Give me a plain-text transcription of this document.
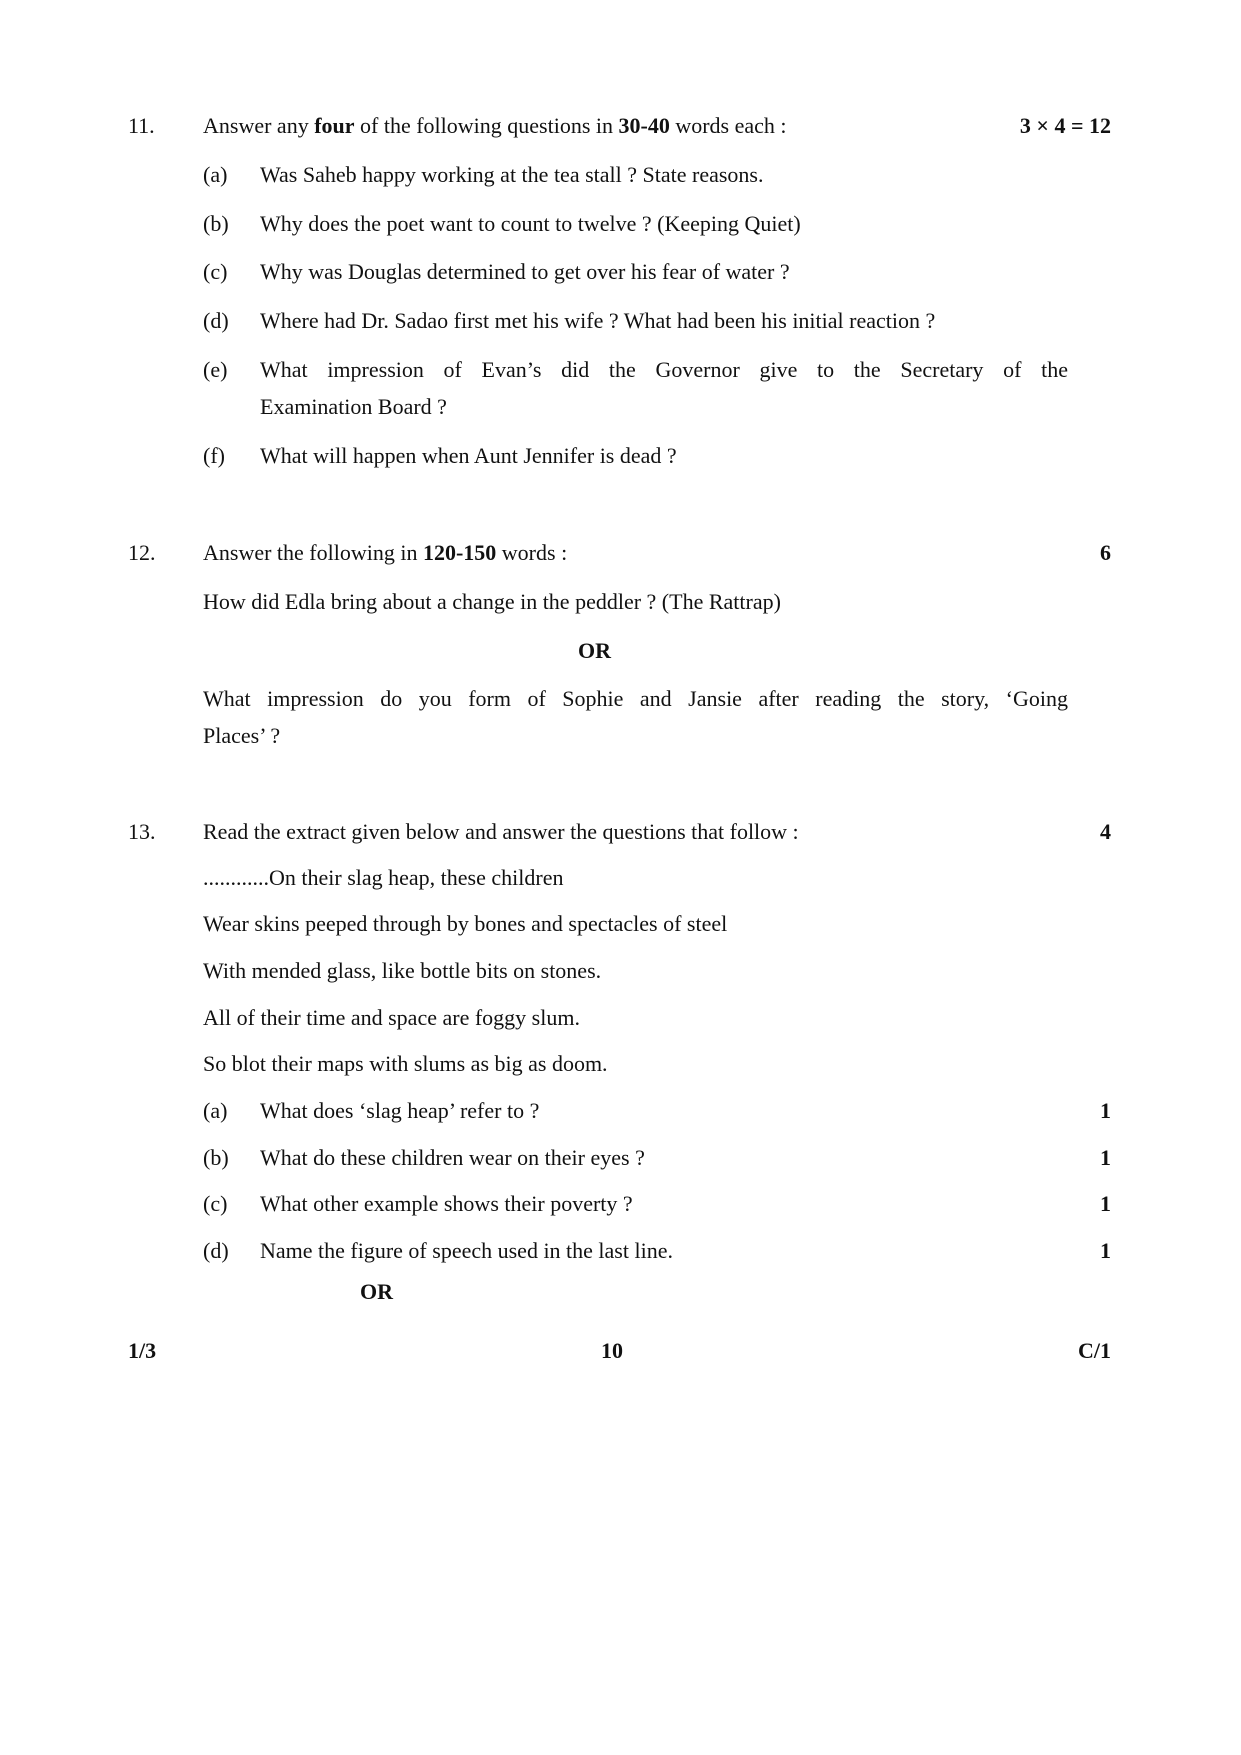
11. Answer any four of the following questions in 30-40 words each :	3 × 4 = 12
(a) Was Saheb happy working at the tea stall ? State reasons.
(b) Why does the poet want to count to twelve ? (Keeping Quiet)
(c) Why was Douglas determined to get over his fear of water ?
(d) Where had Dr. Sadao first met his wife ? What had been his initial reaction ?
(e) What impression of Evan’s did the Governor give to the Secretary of the
Examination Board ?
(f) What will happen when Aunt Jennifer is dead ?
12. Answer the following in 120-150 words :	6
How did Edla bring about a change in the peddler ? (The Rattrap)
OR
What impression do you form of Sophie and Jansie after reading the story, ‘Going
Places’ ?
13. Read the extract given below and answer the questions that follow :	4
............On their slag heap, these children
Wear skins peeped through by bones and spectacles of steel
With mended glass, like bottle bits on stones.
All of their time and space are foggy slum.
So blot their maps with slums as big as doom.
(a) What does ‘slag heap’ refer to ?	1
(b) What do these children wear on their eyes ?	1
(c) What other example shows their poverty ?	1
(d) Name the figure of speech used in the last line.	1
OR
1/3	10	C/1
